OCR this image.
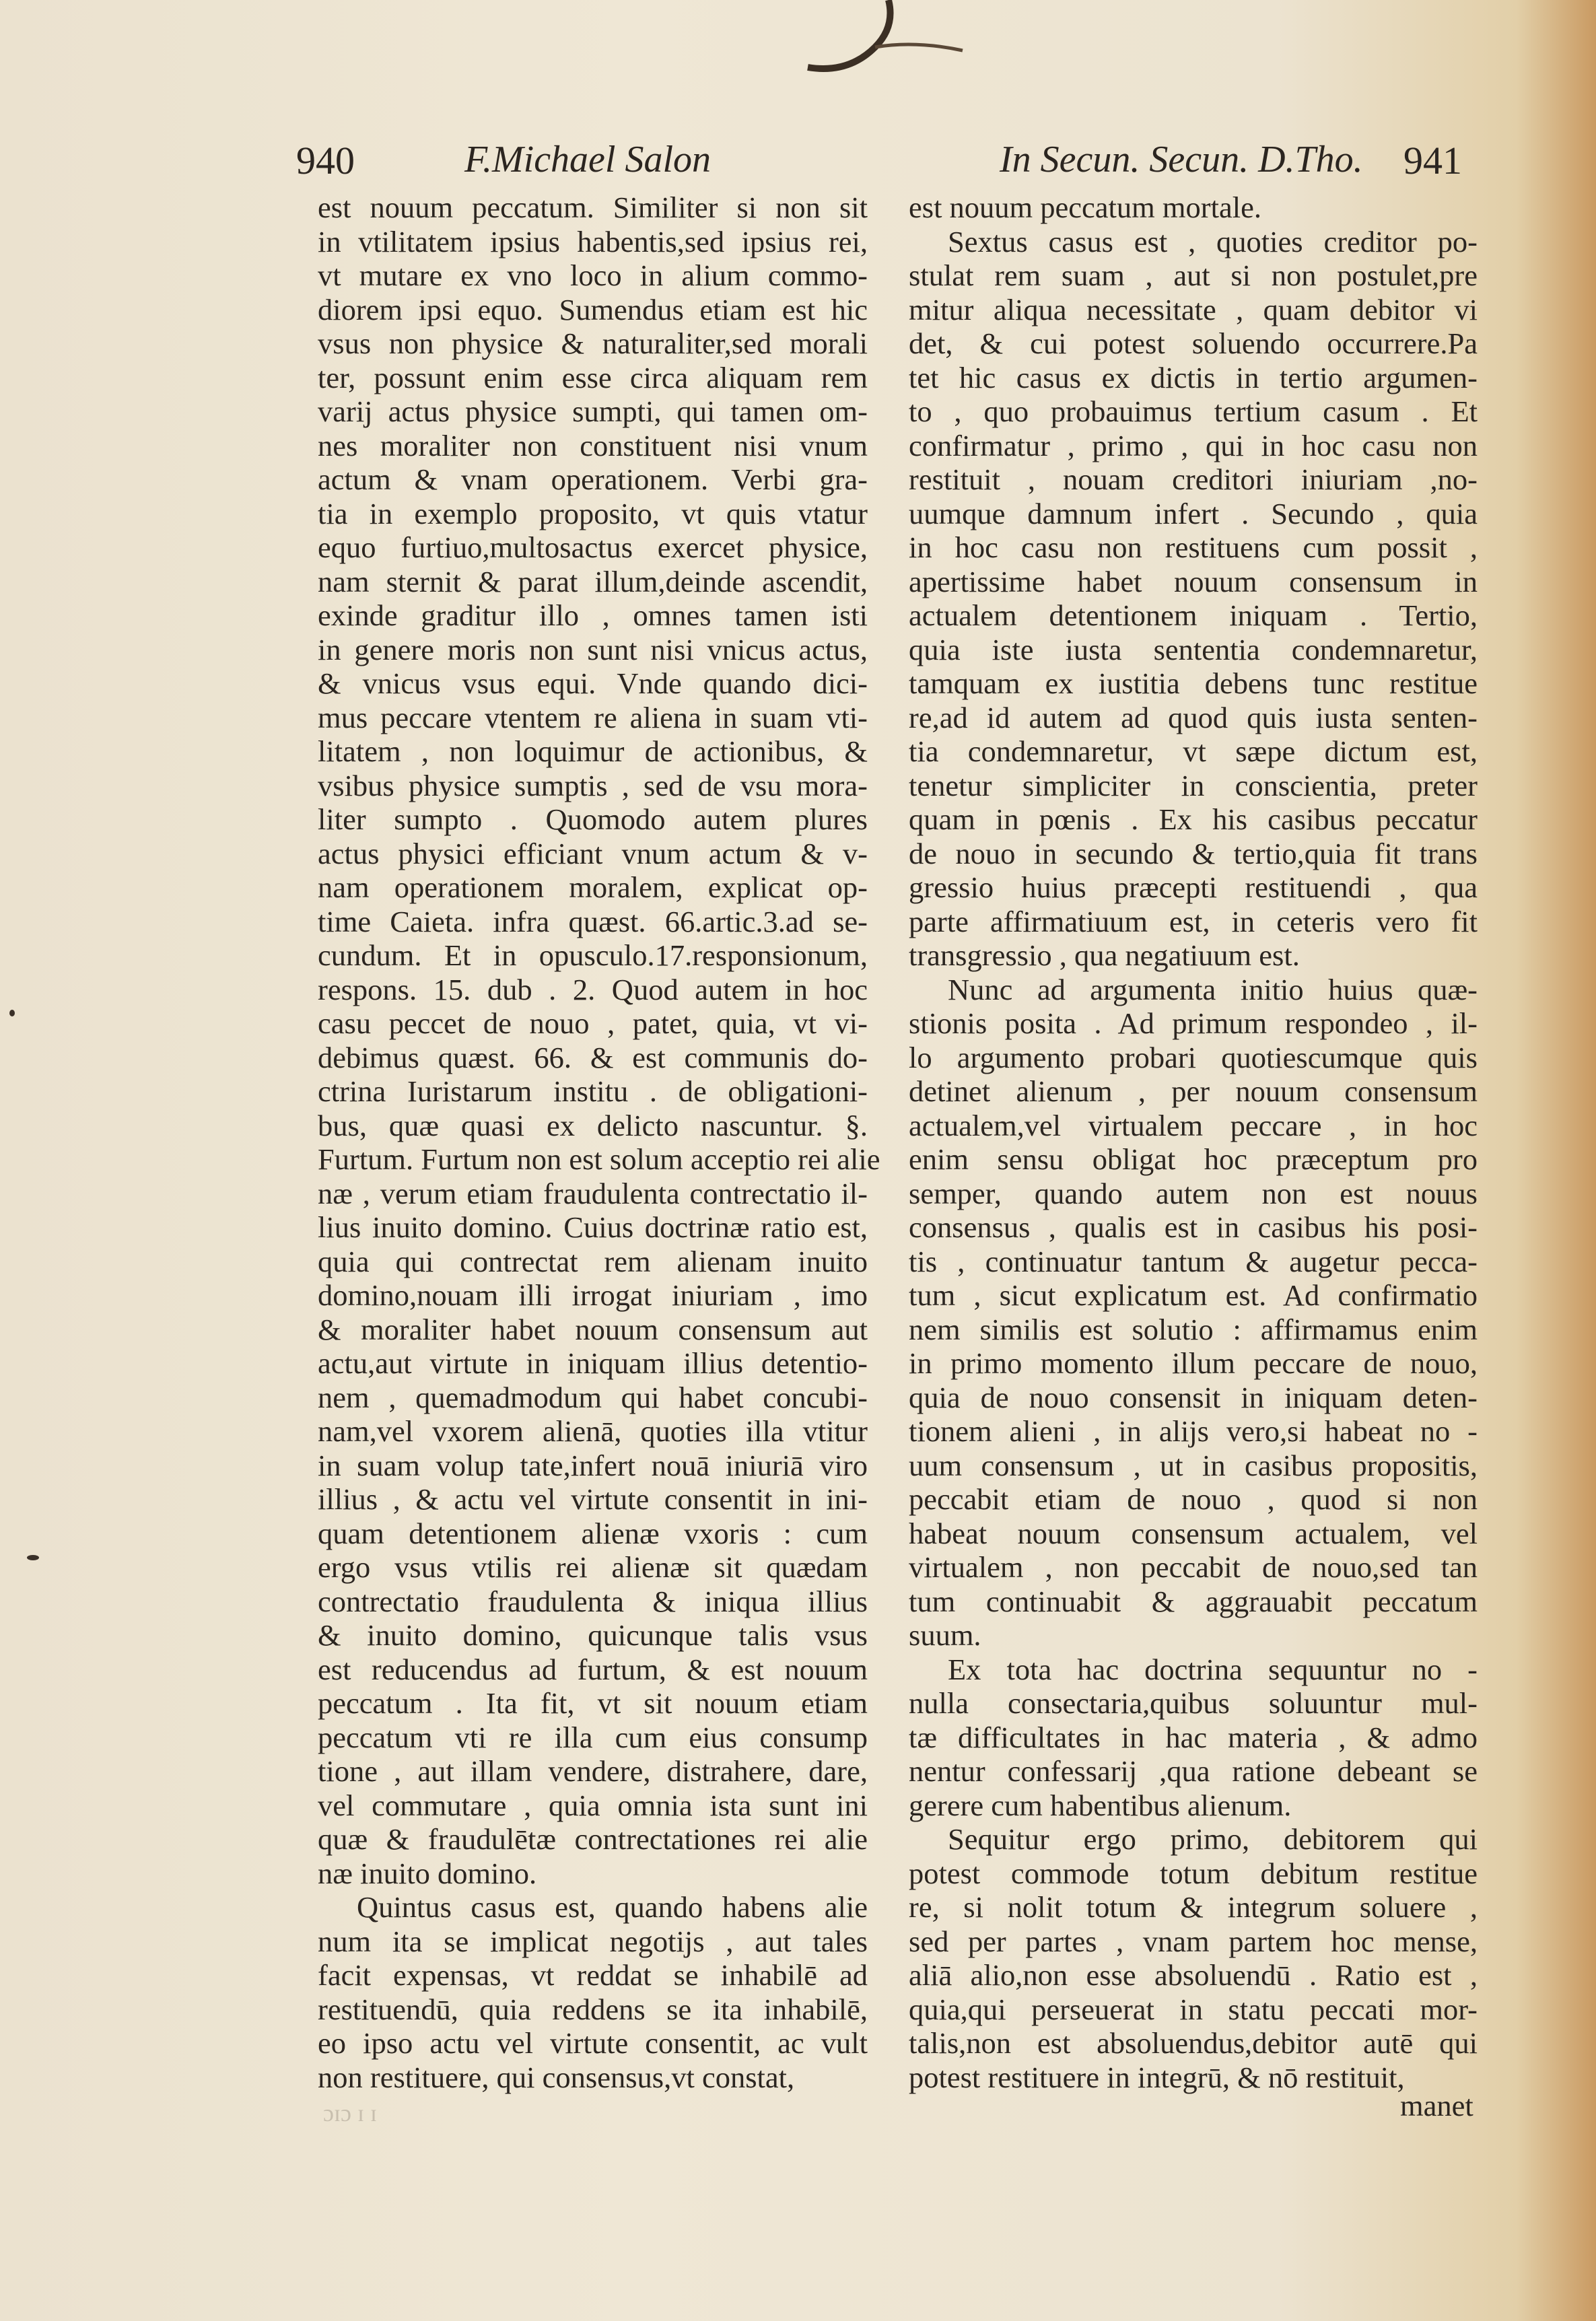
940	F.Michael Salon	In Secun. Secun. D.Tho. 941
est nouum peccatum. Similiter si non sit
in vtilitatem ipsius habentis,sed ipsius rei,
vt mutare ex vno loco in alium commo-
diorem ipsi equo. Sumendus etiam est hic
vsus non physice & naturaliter,sed morali
ter, possunt enim esse circa aliquam rem
varij actus physice sumpti, qui tamen om-
nes moraliter non constituent nisi vnum
actum & vnam operationem. Verbi gra-
tia in exemplo proposito, vt quis vtatur
equo furtiuo,multosactus exercet physice,
nam sternit & parat illum,deinde ascendit,
exinde graditur illo , omnes tamen isti
in genere moris non sunt nisi vnicus actus,
& vnicus vsus equi. Vnde quando dici-
mus peccare vtentem re aliena in suam vti-
litatem , non loquimur de actionibus, &
vsibus physice sumptis , sed de vsu mora-
liter sumpto . Quomodo autem plures
actus physici efficiant vnum actum & v-
nam operationem moralem, explicat op-
time Caieta. infra quæst. 66.artic.3.ad se-
cundum. Et in opusculo.17.responsionum,
respons. 15. dub . 2. Quod autem in hoc
casu peccet de nouo , patet, quia, vt vi-
debimus quæst. 66. & est communis do-
ctrina Iuristarum institu . de obligationi-
bus, quæ quasi ex delicto nascuntur. §.
Furtum. Furtum non est solum acceptio rei alie
næ , verum etiam fraudulenta contrectatio il-
lius inuito domino. Cuius doctrinæ ratio est,
quia qui contrectat rem alienam inuito
domino,nouam illi irrogat iniuriam , imo
& moraliter habet nouum consensum aut
actu,aut virtute in iniquam illius detentio-
nem , quemadmodum qui habet concubi-
nam,vel vxorem alienā, quoties illa vtitur
in suam volup tate,infert nouā iniuriā viro
illius , & actu vel virtute consentit in ini-
quam detentionem alienæ vxoris : cum
ergo vsus vtilis rei alienæ sit quædam
contrectatio fraudulenta & iniqua illius
& inuito domino, quicunque talis vsus
est reducendus ad furtum, & est nouum
peccatum . Ita fit, vt sit nouum etiam
peccatum vti re illa cum eius consump
tione , aut illam vendere, distrahere, dare,
vel commutare , quia omnia ista sunt ini
quæ & fraudulētæ contrectationes rei alie
næ inuito domino.
Quintus casus est, quando habens alie
num ita se implicat negotijs , aut tales
facit expensas, vt reddat se inhabilē ad
restituendū, quia reddens se ita inhabilē,
eo ipso actu vel virtute consentit, ac vult
non restituere, qui consensus,vt constat,
est nouum peccatum mortale.
Sextus casus est , quoties creditor po-
stulat rem suam , aut si non postulet,pre
mitur aliqua necessitate , quam debitor vi
det, & cui potest soluendo occurrere.Pa
tet hic casus ex dictis in tertio argumen-
to , quo probauimus tertium casum . Et
confirmatur , primo , qui in hoc casu non
restituit , nouam creditori iniuriam ,no-
uumque damnum infert . Secundo , quia
in hoc casu non restituens cum possit ,
apertissime habet nouum consensum in
actualem detentionem iniquam . Tertio,
quia iste iusta sententia condemnaretur,
tamquam ex iustitia debens tunc restitue
re,ad id autem ad quod quis iusta senten-
tia condemnaretur, vt sæpe dictum est,
tenetur simpliciter in conscientia, preter
quam in pœnis . Ex his casibus peccatur
de nouo in secundo & tertio,quia fit trans
gressio huius præcepti restituendi , qua
parte affirmatiuum est, in ceteris vero fit
transgressio , qua negatiuum est.
Nunc ad argumenta initio huius quæ-
stionis posita . Ad primum respondeo , il-
lo argumento probari quotiescumque quis
detinet alienum , per nouum consensum
actualem,vel virtualem peccare , in hoc
enim sensu obligat hoc præceptum pro
semper, quando autem non est nouus
consensus , qualis est in casibus his posi-
tis , continuatur tantum & augetur pecca-
tum , sicut explicatum est. Ad confirmatio
nem similis est solutio : affirmamus enim
in primo momento illum peccare de nouo,
quia de nouo consensit in iniquam deten-
tionem alieni , in alijs vero,si habeat no -
uum consensum , ut in casibus propositis,
peccabit etiam de nouo , quod si non
habeat nouum consensum actualem, vel
virtualem , non peccabit de nouo,sed tan
tum continuabit & aggrauabit peccatum
suum.
Ex tota hac doctrina sequuntur no -
nulla consectaria,quibus soluuntur mul-
tæ difficultates in hac materia , & admo
nentur confessarij ,qua ratione debeant se
gerere cum habentibus alienum.
Sequitur ergo primo, debitorem qui
potest commode totum debitum restitue
re, si nolit totum & integrum soluere ,
sed per partes , vnam partem hoc mense,
aliā alio,non esse absoluendū . Ratio est ,
quia,qui perseuerat in statu peccati mor-
talis,non est absoluendus,debitor autē qui
potest restituere in integrū, & nō restituit,
manet
ɔɪɔ ɪ ɪ
